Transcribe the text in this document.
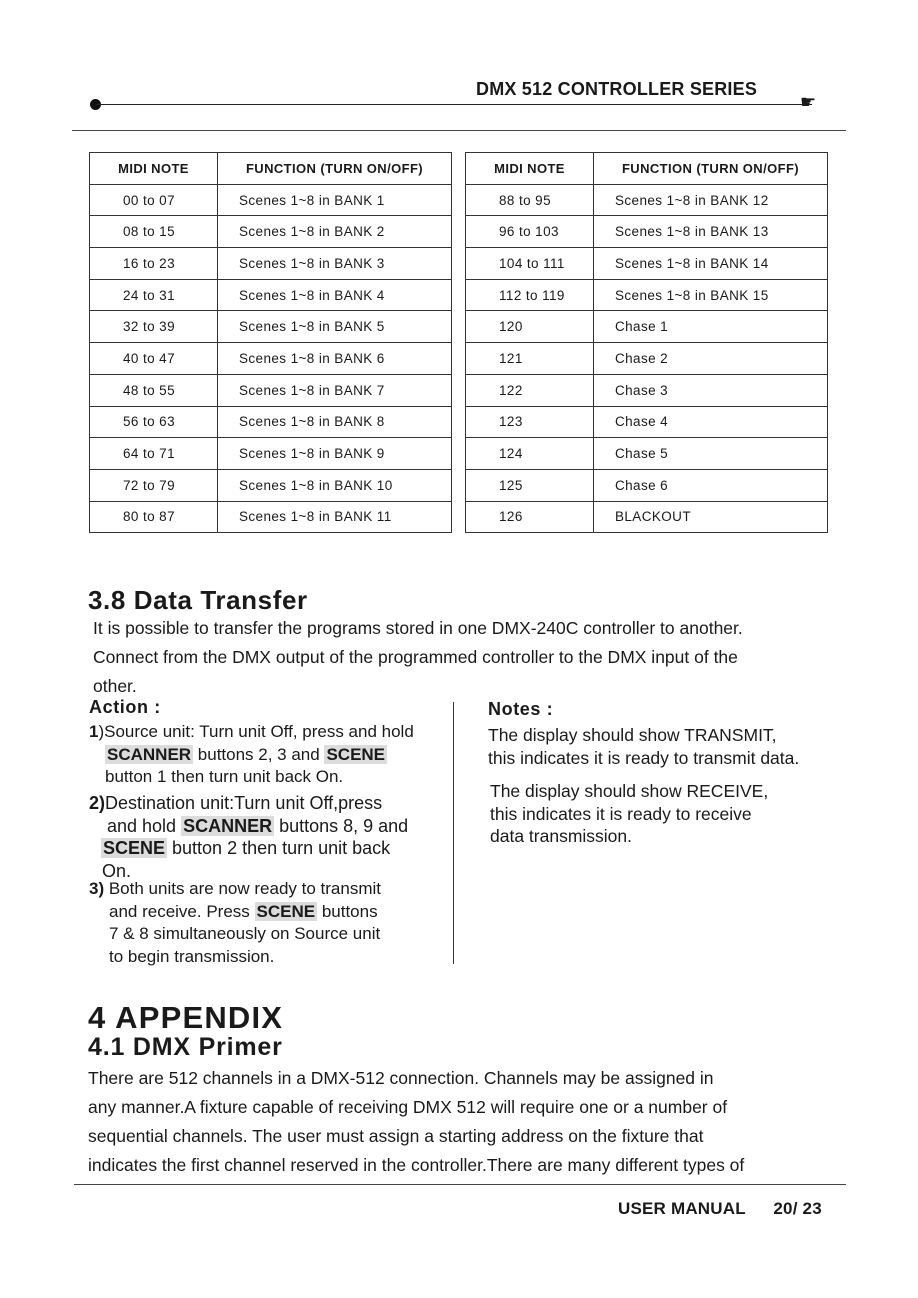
DMX 512 CONTROLLER SERIES
☛
MIDI NOTE	FUNCTION (TURN ON/OFF)
00 to 07	Scenes 1~8 in BANK 1
08 to 15	Scenes 1~8 in BANK 2
16 to 23	Scenes 1~8 in BANK 3
24 to 31	Scenes 1~8 in BANK 4
32 to 39	Scenes 1~8 in BANK 5
40 to 47	Scenes 1~8 in BANK 6
48 to 55	Scenes 1~8 in BANK 7
56 to 63	Scenes 1~8 in BANK 8
64 to 71	Scenes 1~8 in BANK 9
72 to 79	Scenes 1~8 in BANK 10
80 to 87	Scenes 1~8 in BANK 11
MIDI NOTE	FUNCTION (TURN ON/OFF)
88 to 95	Scenes 1~8 in BANK 12
96 to 103	Scenes 1~8 in BANK 13
104 to 111	Scenes 1~8 in BANK 14
112 to 119	Scenes 1~8 in BANK 15
120	Chase 1
121	Chase 2
122	Chase 3
123	Chase 4
124	Chase 5
125	Chase 6
126	BLACKOUT
3.8 Data Transfer
It is possible to transfer the programs stored in one DMX-240C controller to another.
Connect from the DMX output of the programmed controller to the DMX input of the
other.
Action :
1)Source unit: Turn unit Off, press and hold
SCANNER buttons 2, 3 and SCENE
button 1 then turn unit back On.
2)Destination unit:Turn unit Off,press
and hold SCANNER buttons 8, 9 and
SCENE button 2 then turn unit back
On.
3) Both units are now ready to transmit
and receive. Press SCENE buttons
7 & 8 simultaneously on Source unit
to begin transmission.
Notes :
The display should show TRANSMIT,
this indicates it is ready to transmit data.
The display should show RECEIVE,
this indicates it is ready to receive
data transmission.
4 APPENDIX
4.1 DMX Primer
There are 512 channels in a DMX-512 connection. Channels may be assigned in
any manner.A fixture capable of receiving DMX 512 will require one or a number of
sequential channels. The user must assign a starting address on the fixture that
indicates the first channel reserved in the controller.There are many different types of
USER MANUAL 20/ 23
